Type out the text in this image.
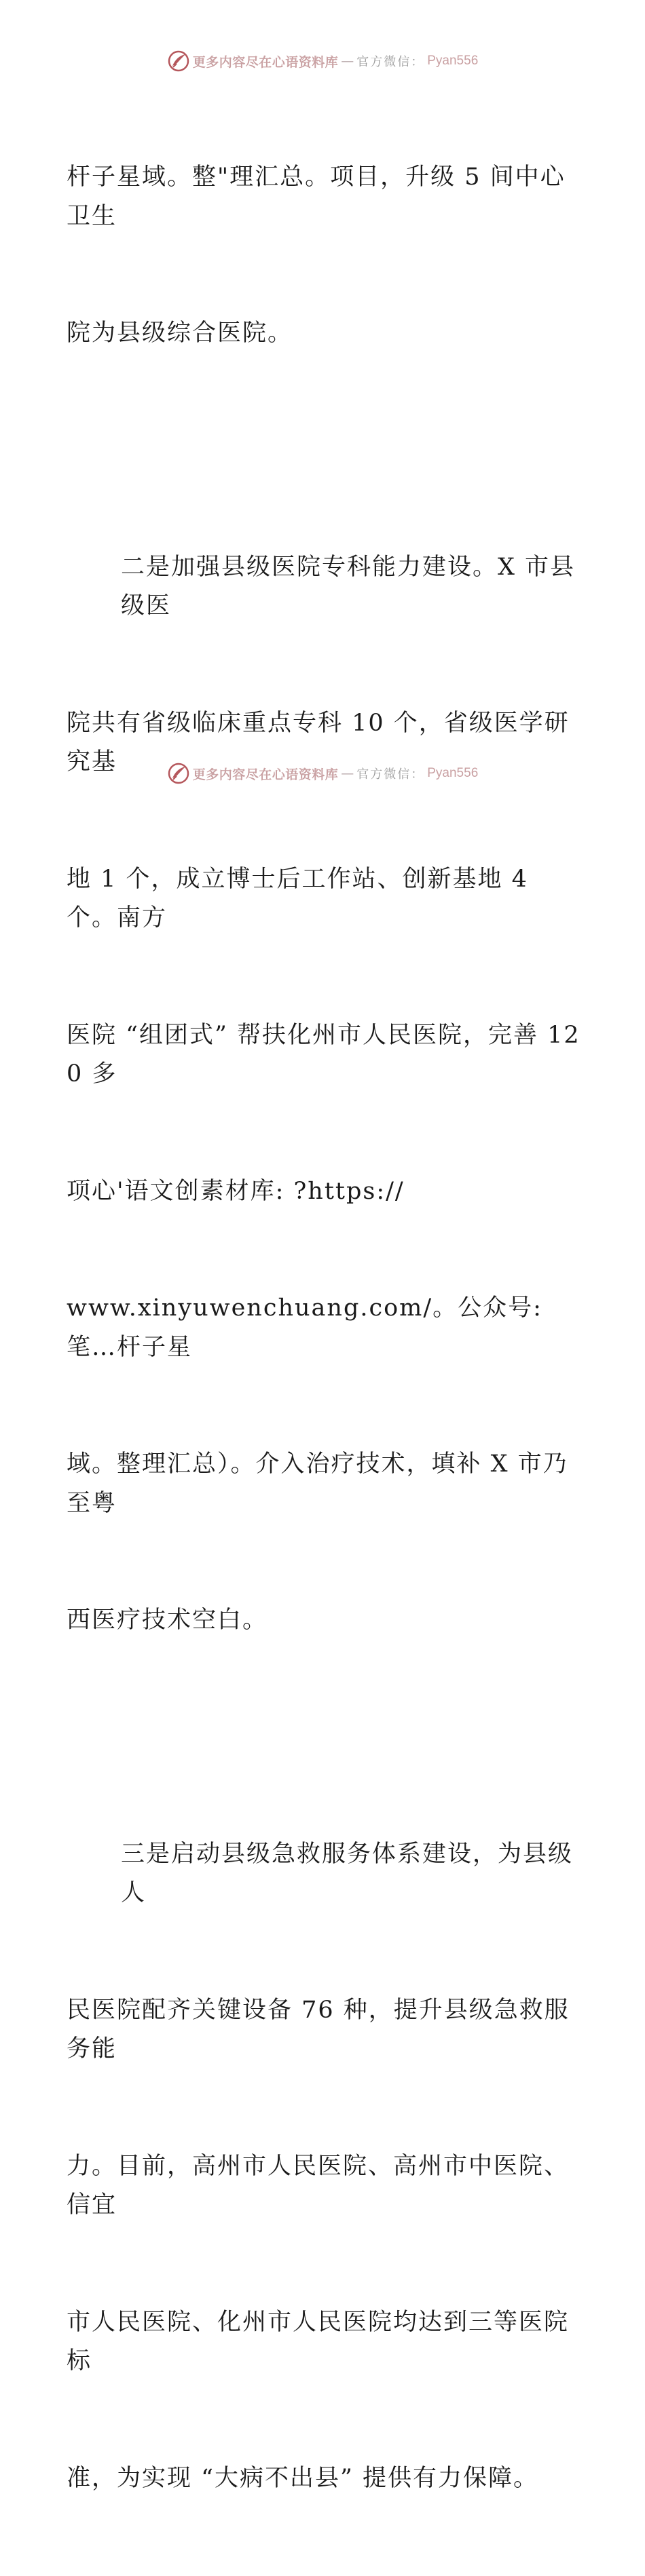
更多内容尽在心语资料库 — 官方微信： Pyan556

杆子星域。整"理汇总。项目，升级 5 间中心卫生

院为县级综合医院。

二是加强县级医院专科能力建设。X 市县级医

院共有省级临床重点专科 10 个，省级医学研究基

地 1 个，成立博士后工作站、创新基地 4 个。南方

医院 “组团式” 帮扶化州市人民医院，完善 120 多

项心'语文创素材库: ?https://

www.xinyuwenchuang.com/。公众号: 笔…杆子星

域。整理汇总）。介入治疗技术，填补 X 市乃至粤

西医疗技术空白。

三是启动县级急救服务体系建设，为县级人

民医院配齐关键设备 76 种，提升县级急救服务能

力。目前，高州市人民医院、高州市中医院、信宜

市人民医院、化州市人民医院均达到三等医院标

准，为实现 “大病不出县” 提供有力保障。

更多内容尽在心语资料库 — 官方微信： Pyan556
